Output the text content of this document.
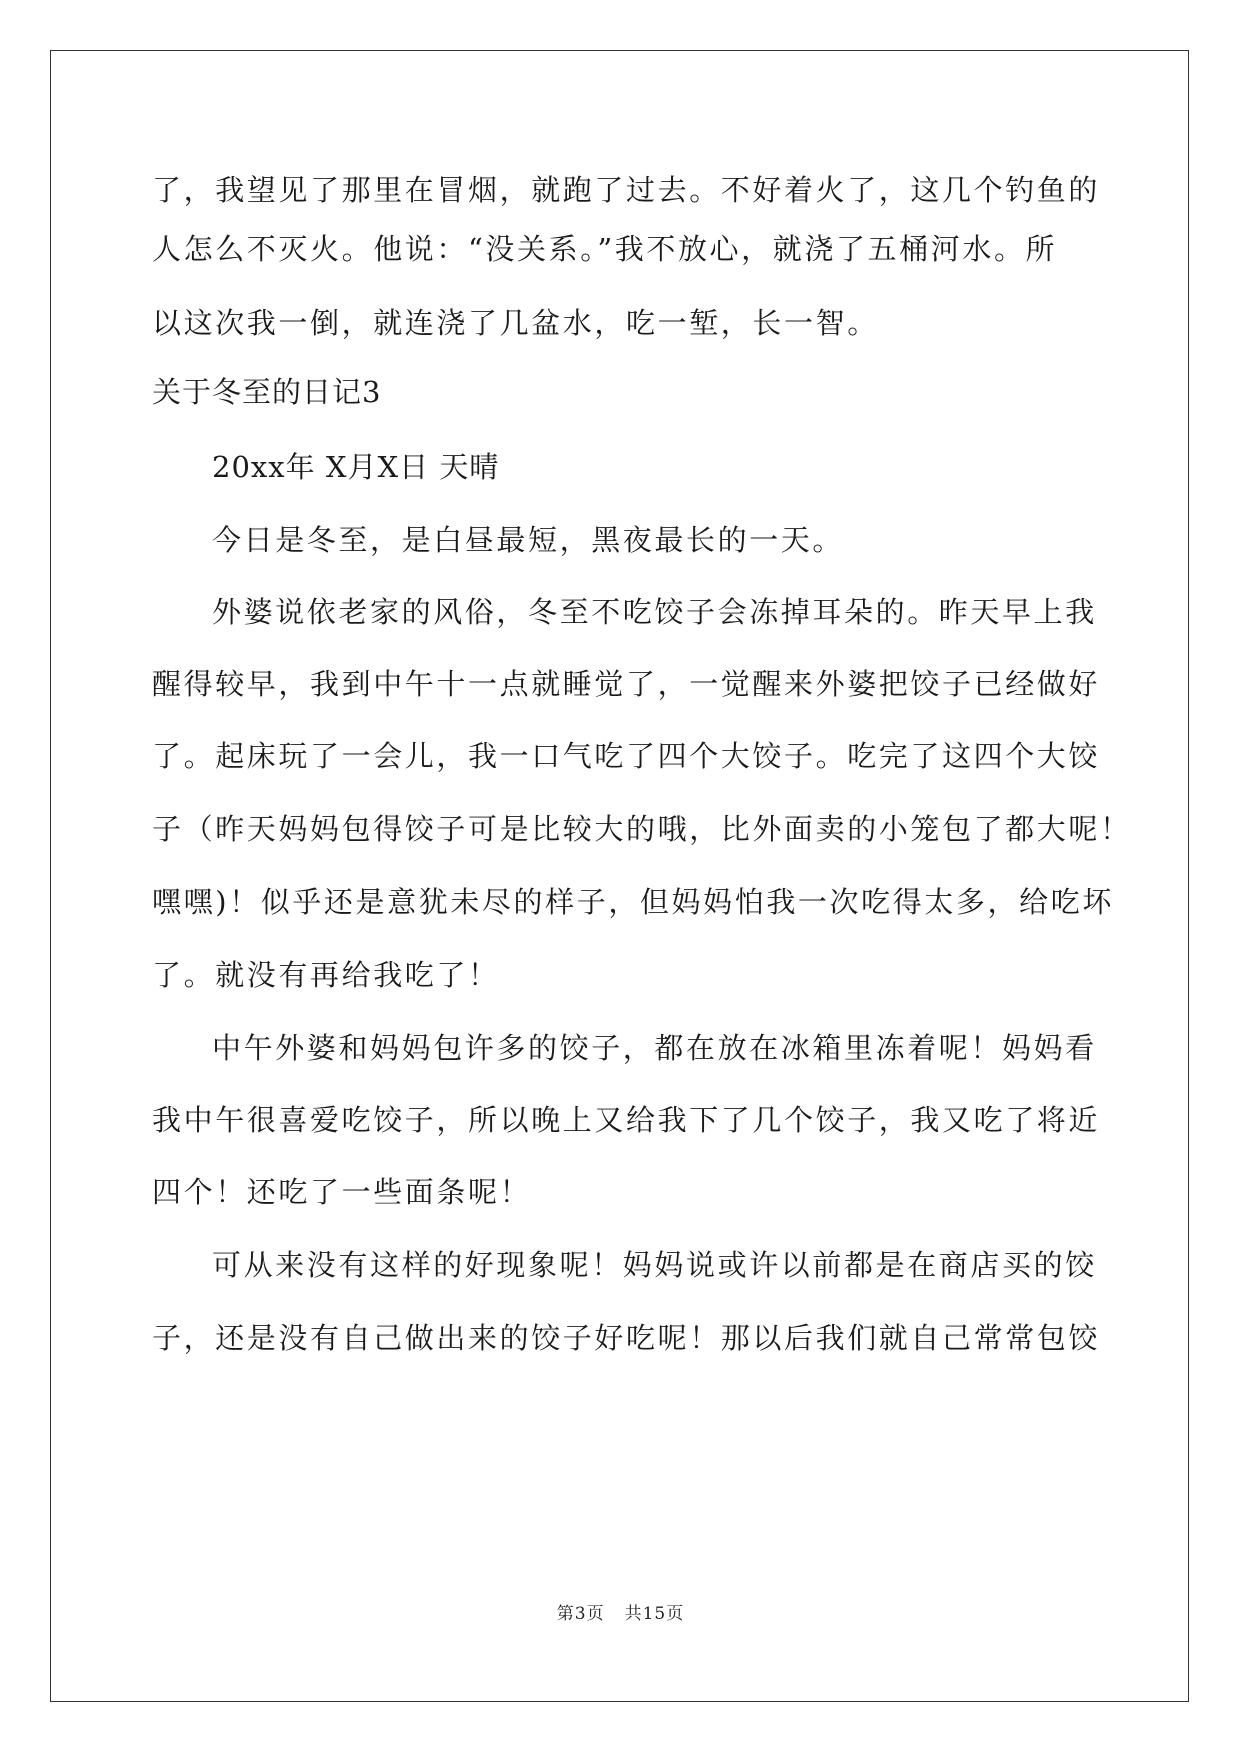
了，我望见了那里在冒烟，就跑了过去。不好着火了，这几个钓鱼的
人怎么不灭火。他说：“没关系。”我不放心，就浇了五桶河水。所
以这次我一倒，就连浇了几盆水，吃一堑，长一智。
关于冬至的日记3
20xx年 X月X日 天晴
今日是冬至，是白昼最短，黑夜最长的一天。
外婆说依老家的风俗，冬至不吃饺子会冻掉耳朵的。昨天早上我
醒得较早，我到中午十一点就睡觉了，一觉醒来外婆把饺子已经做好
了。起床玩了一会儿，我一口气吃了四个大饺子。吃完了这四个大饺
子（昨天妈妈包得饺子可是比较大的哦，比外面卖的小笼包了都大呢！
嘿嘿)！似乎还是意犹未尽的样子，但妈妈怕我一次吃得太多，给吃坏
了。就没有再给我吃了！
中午外婆和妈妈包许多的饺子，都在放在冰箱里冻着呢！妈妈看
我中午很喜爱吃饺子，所以晚上又给我下了几个饺子，我又吃了将近
四个！还吃了一些面条呢！
可从来没有这样的好现象呢！妈妈说或许以前都是在商店买的饺
子，还是没有自己做出来的饺子好吃呢！那以后我们就自己常常包饺
第3页 共15页
